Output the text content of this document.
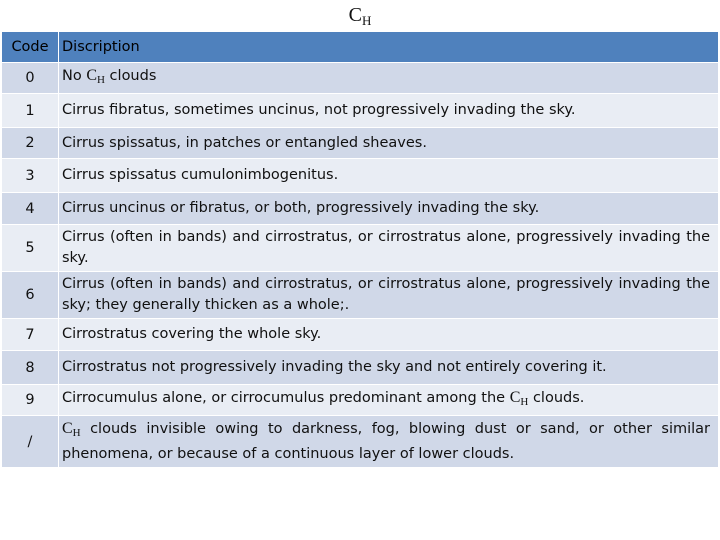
$C_H$
Code	Discription
0	No $C_H$ clouds
1	Cirrus fibratus, sometimes uncinus, not progressively invading the sky.
2	Cirrus spissatus, in patches or entangled sheaves.
3	Cirrus spissatus cumulonimbogenitus.
4	Cirrus uncinus or fibratus, or both, progressively invading the sky.
5	Cirrus (often in bands) and cirrostratus, or cirrostratus alone, progressively invading the sky.
6	Cirrus (often in bands) and cirrostratus, or cirrostratus alone, progressively invading the sky; they generally thicken as a whole;.
7	Cirrostratus covering the whole sky.
8	Cirrostratus not progressively invading the sky and not entirely covering it.
9	Cirrocumulus alone, or cirrocumulus predominant among the $C_H$ clouds.
/	$C_H$ clouds invisible owing to darkness, fog, blowing dust or sand, or other similar phenomena, or because of a continuous layer of lower clouds.
